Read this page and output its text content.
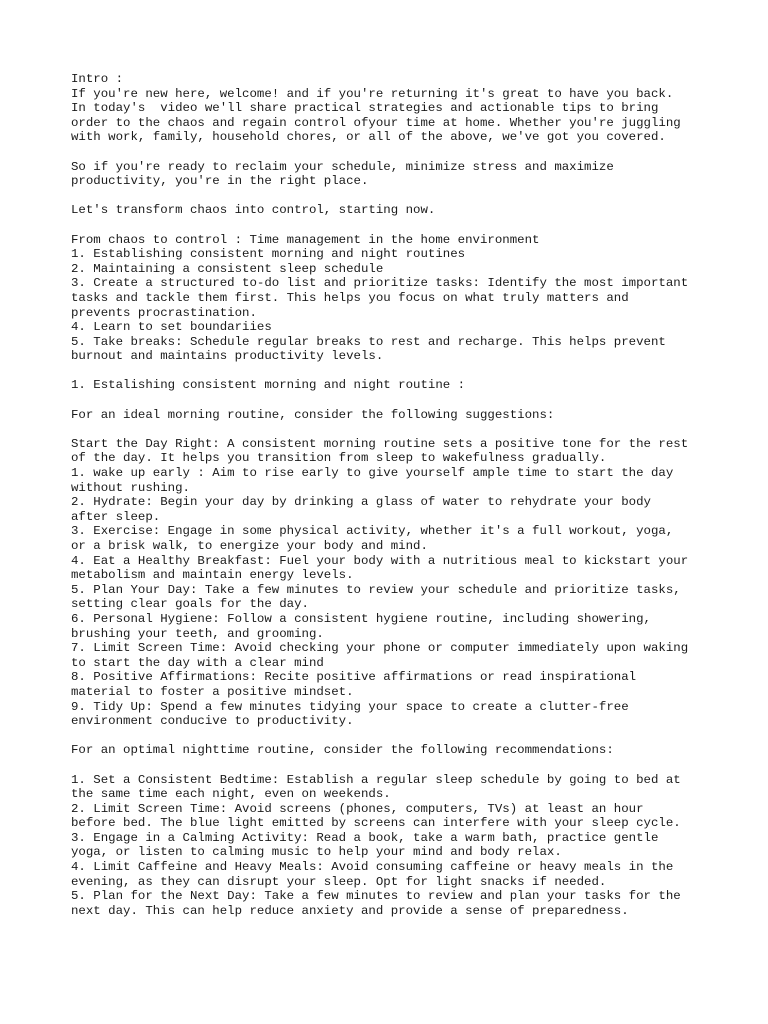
Intro :
If you're new here, welcome! and if you're returning it's great to have you back.
In today's  video we'll share practical strategies and actionable tips to bring
order to the chaos and regain control ofyour time at home. Whether you're juggling
with work, family, household chores, or all of the above, we've got you covered.
So if you're ready to reclaim your schedule, minimize stress and maximize
productivity, you're in the right place.
Let's transform chaos into control, starting now.
From chaos to control : Time management in the home environment
1. Establishing consistent morning and night routines
2. Maintaining a consistent sleep schedule
3. Create a structured to-do list and prioritize tasks: Identify the most important
tasks and tackle them first. This helps you focus on what truly matters and
prevents procrastination.
4. Learn to set boundariies
5. Take breaks: Schedule regular breaks to rest and recharge. This helps prevent
burnout and maintains productivity levels.
1. Estalishing consistent morning and night routine :
For an ideal morning routine, consider the following suggestions:
Start the Day Right: A consistent morning routine sets a positive tone for the rest
of the day. It helps you transition from sleep to wakefulness gradually.
1. wake up early : Aim to rise early to give yourself ample time to start the day
without rushing.
2. Hydrate: Begin your day by drinking a glass of water to rehydrate your body
after sleep.
3. Exercise: Engage in some physical activity, whether it's a full workout, yoga,
or a brisk walk, to energize your body and mind.
4. Eat a Healthy Breakfast: Fuel your body with a nutritious meal to kickstart your
metabolism and maintain energy levels.
5. Plan Your Day: Take a few minutes to review your schedule and prioritize tasks,
setting clear goals for the day.
6. Personal Hygiene: Follow a consistent hygiene routine, including showering,
brushing your teeth, and grooming.
7. Limit Screen Time: Avoid checking your phone or computer immediately upon waking
to start the day with a clear mind
8. Positive Affirmations: Recite positive affirmations or read inspirational
material to foster a positive mindset.
9. Tidy Up: Spend a few minutes tidying your space to create a clutter-free
environment conducive to productivity.
For an optimal nighttime routine, consider the following recommendations:
1. Set a Consistent Bedtime: Establish a regular sleep schedule by going to bed at
the same time each night, even on weekends.
2. Limit Screen Time: Avoid screens (phones, computers, TVs) at least an hour
before bed. The blue light emitted by screens can interfere with your sleep cycle.
3. Engage in a Calming Activity: Read a book, take a warm bath, practice gentle
yoga, or listen to calming music to help your mind and body relax.
4. Limit Caffeine and Heavy Meals: Avoid consuming caffeine or heavy meals in the
evening, as they can disrupt your sleep. Opt for light snacks if needed.
5. Plan for the Next Day: Take a few minutes to review and plan your tasks for the
next day. This can help reduce anxiety and provide a sense of preparedness.
